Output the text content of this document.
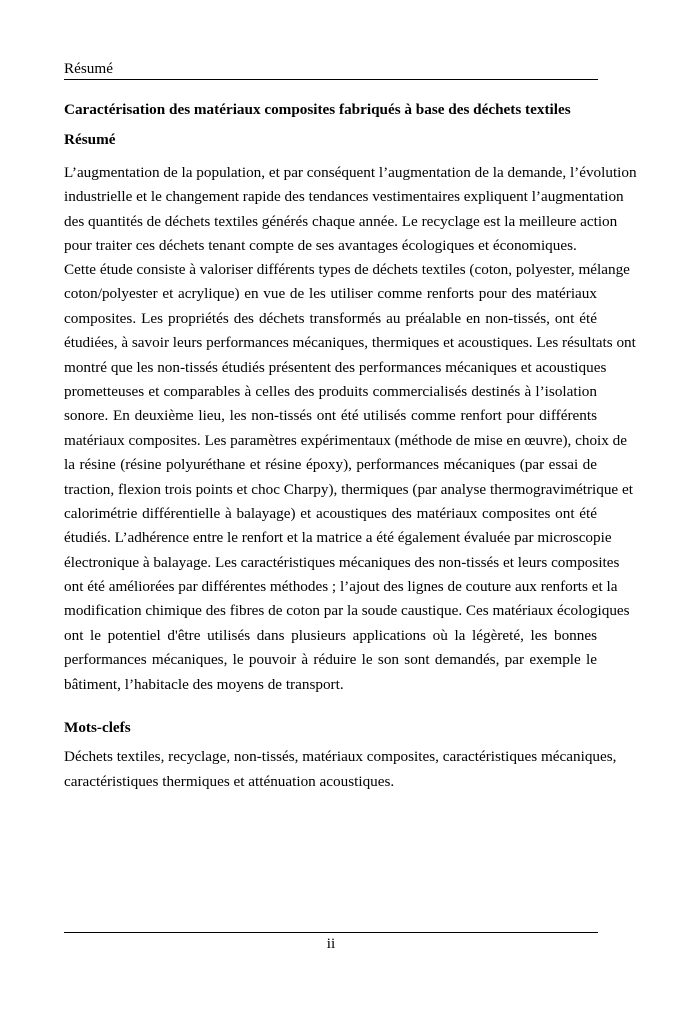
Résumé
Caractérisation des matériaux composites fabriqués à base des déchets textiles
Résumé
L’augmentation de la population, et par conséquent l’augmentation de la demande, l’évolution
industrielle et le changement rapide des tendances vestimentaires expliquent l’augmentation
des quantités de déchets textiles générés chaque année. Le recyclage est la meilleure action
pour traiter ces déchets tenant compte de ses avantages écologiques et économiques.
Cette étude consiste à valoriser différents types de déchets textiles (coton, polyester, mélange
coton/polyester et acrylique) en vue de les utiliser comme renforts pour des matériaux
composites. Les propriétés des déchets transformés au préalable en non-tissés, ont été
étudiées, à savoir leurs performances mécaniques, thermiques et acoustiques. Les résultats ont
montré que les non-tissés étudiés présentent des performances mécaniques et acoustiques
prometteuses et comparables à celles des produits commercialisés destinés à l’isolation
sonore. En deuxième lieu, les non-tissés ont été utilisés comme renfort pour différents
matériaux composites. Les paramètres expérimentaux (méthode de mise en œuvre), choix de
la résine (résine polyuréthane et résine époxy), performances mécaniques (par essai de
traction, flexion trois points et choc Charpy), thermiques (par analyse thermogravimétrique et
calorimétrie différentielle à balayage) et acoustiques des matériaux composites ont été
étudiés. L’adhérence entre le renfort et la matrice a été également évaluée par microscopie
électronique à balayage. Les caractéristiques mécaniques des non-tissés et leurs composites
ont été améliorées par différentes méthodes ; l’ajout des lignes de couture aux renforts et la
modification chimique des fibres de coton par la soude caustique. Ces matériaux écologiques
ont le potentiel d'être utilisés dans plusieurs applications où la légèreté, les bonnes
performances mécaniques, le pouvoir à réduire le son sont demandés, par exemple le
bâtiment, l’habitacle des moyens de transport.
Mots-clefs
Déchets textiles, recyclage, non-tissés, matériaux composites, caractéristiques mécaniques,
caractéristiques thermiques et atténuation acoustiques.
ii
